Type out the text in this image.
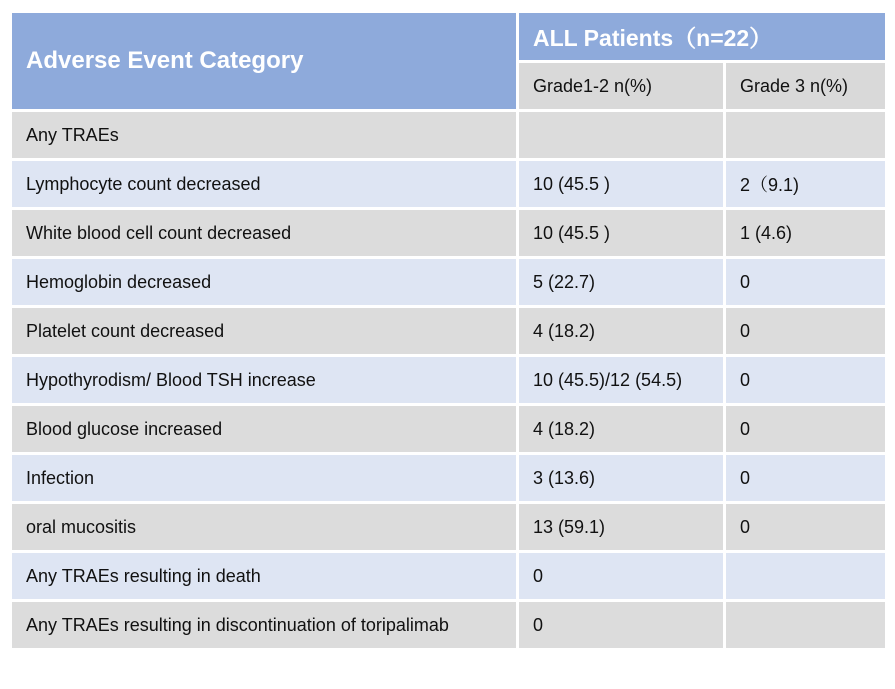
Adverse Event Category	ALL Patients（n=22）	
	Grade1-2 n(%)	Grade 3 n(%)
Any TRAEs		
Lymphocyte count decreased	10 (45.5 )	2（9.1)
White blood cell count decreased	10 (45.5 )	1 (4.6)
Hemoglobin decreased	5 (22.7)	0
Platelet count decreased	4 (18.2)	0
Hypothyrodism/ Blood TSH increase	10 (45.5)/12 (54.5)	0
Blood glucose increased	4 (18.2)	0
Infection	3 (13.6)	0
oral mucositis	13 (59.1)	0
Any TRAEs resulting in death	0	
Any TRAEs resulting in discontinuation of toripalimab	0	
